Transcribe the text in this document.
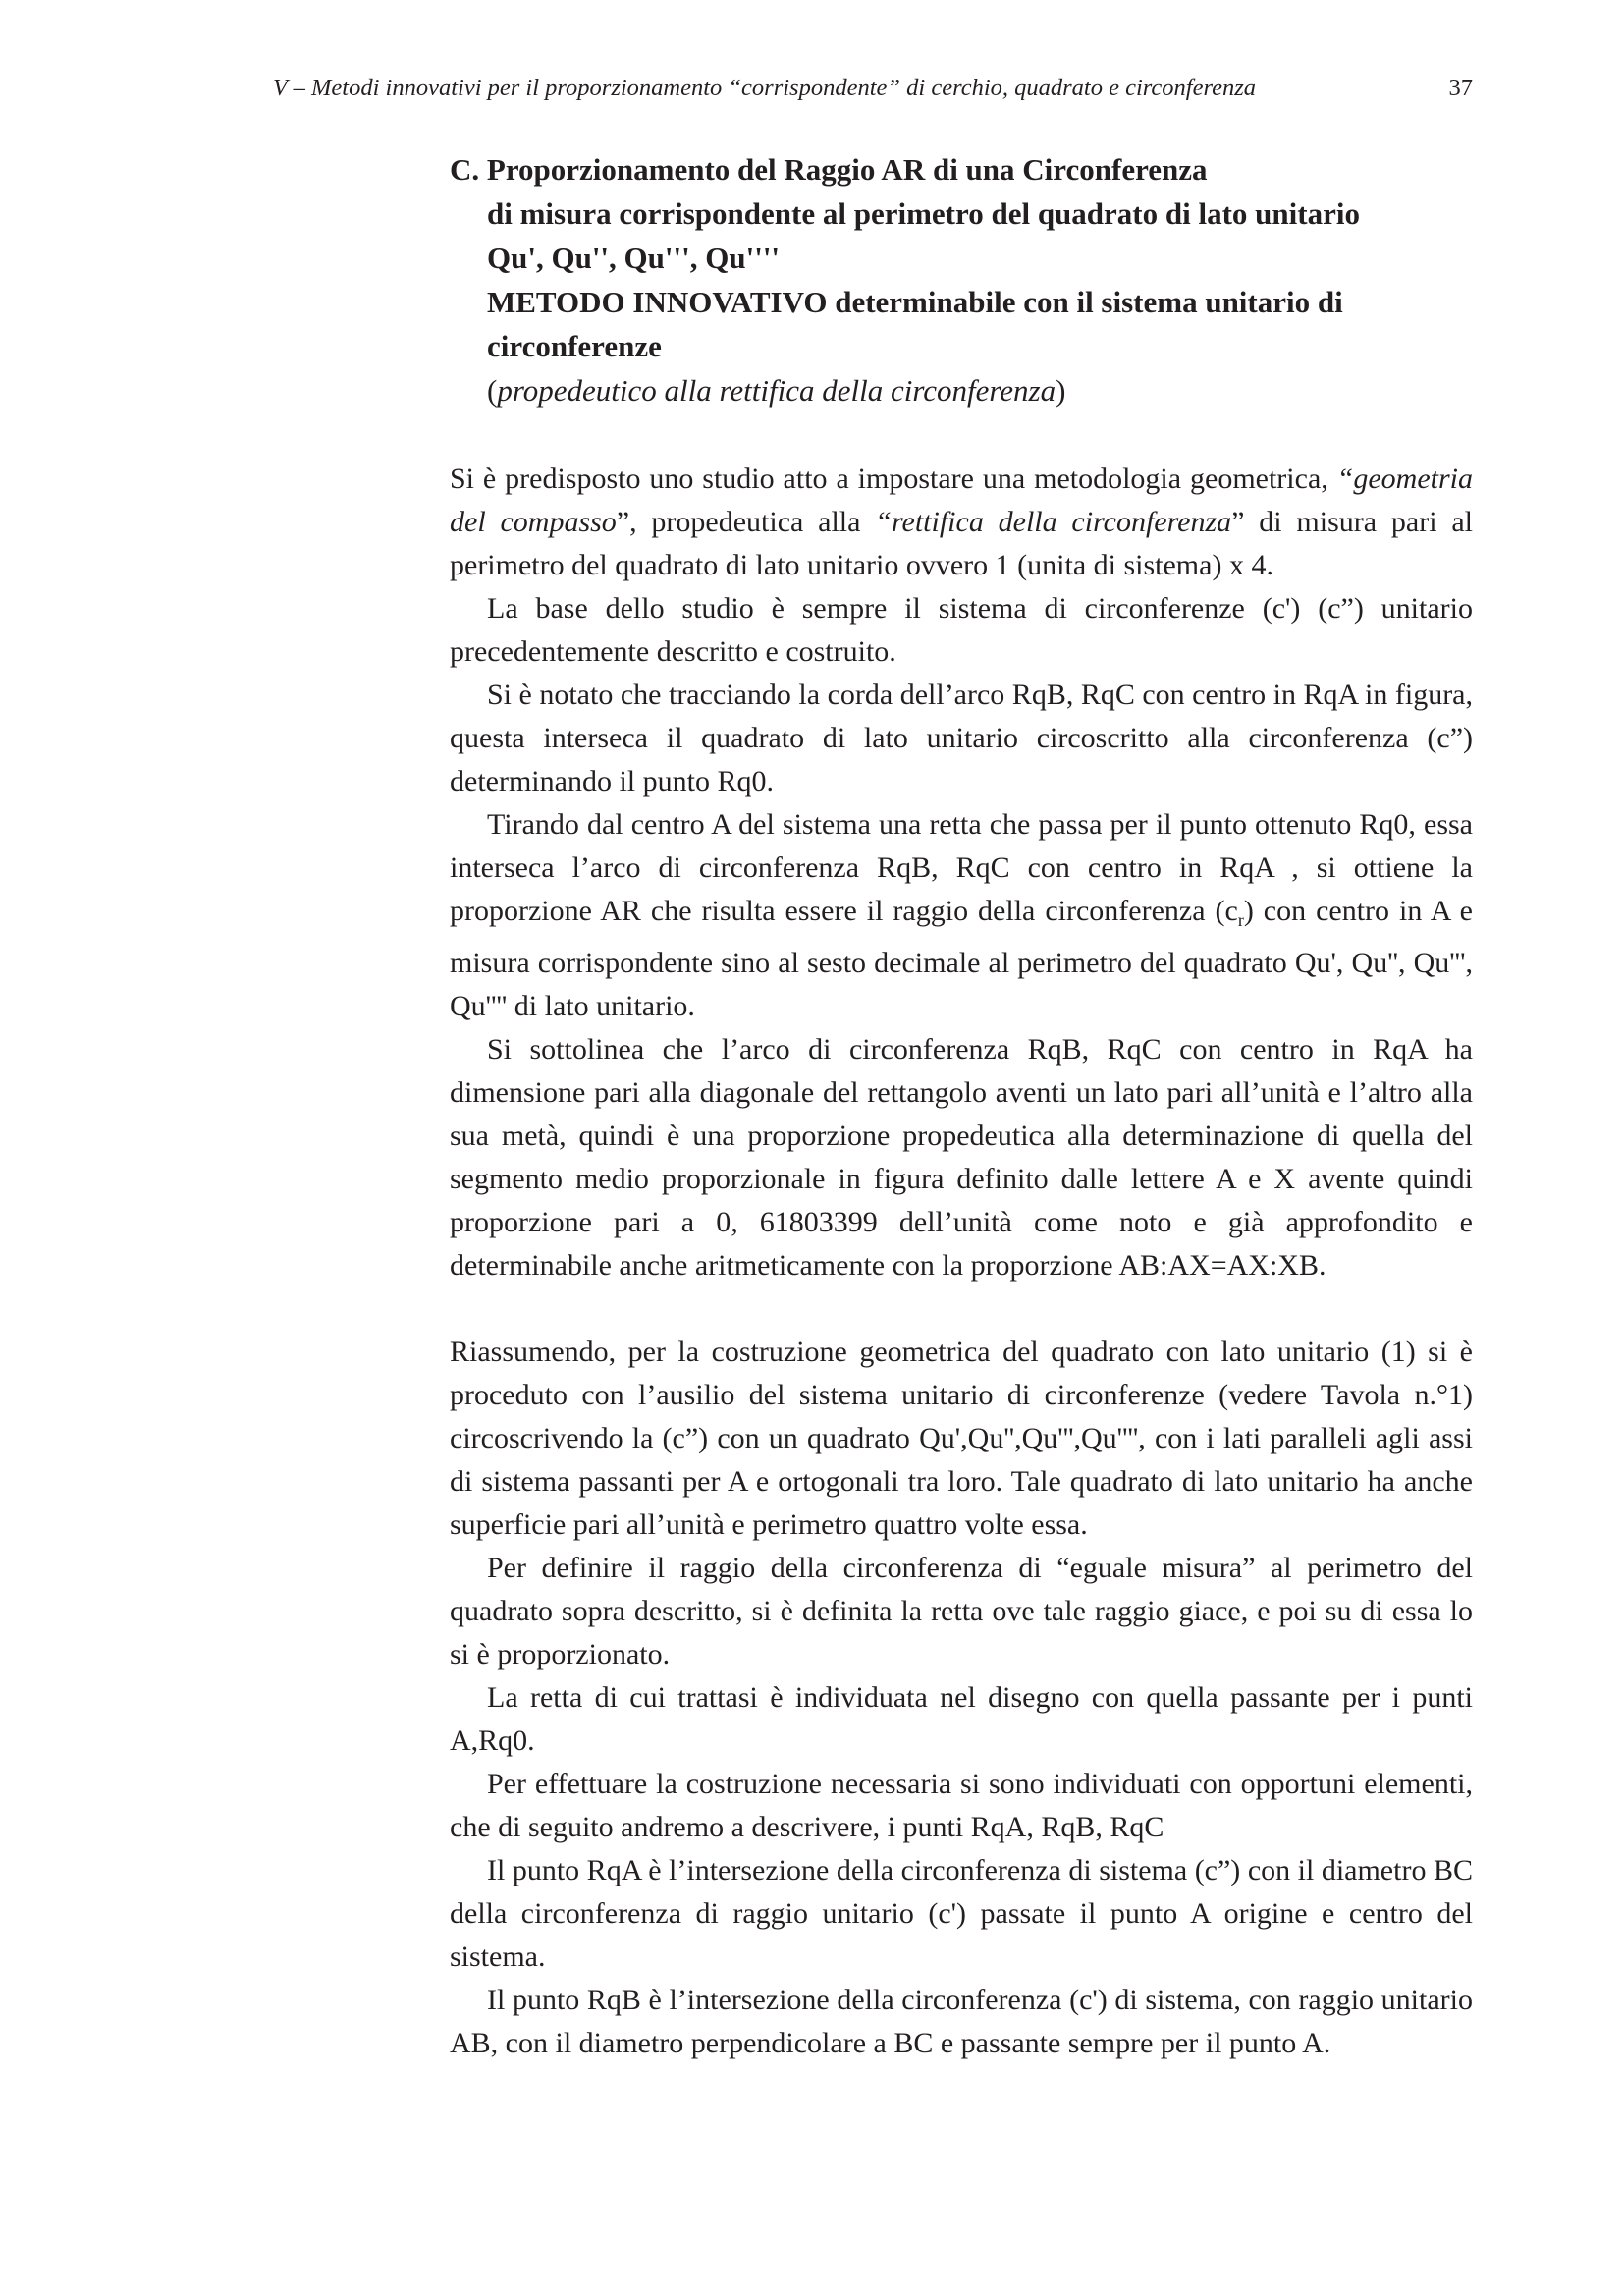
V – Metodi innovativi per il proporzionamento “corrispondente” di cerchio, quadrato e circonferenza	37
C. Proporzionamento del Raggio AR di una Circonferenza
di misura corrispondente al perimetro del quadrato di lato unitario
Qu', Qu'', Qu''', Qu''''
METODO INNOVATIVO determinabile con il sistema unitario di
circonferenze
(propedeutico alla rettifica della circonferenza)

Si è predisposto uno studio atto a impostare una metodologia geometrica, “geometria del compasso”, propedeutica alla “rettifica della circonferenza” di misura pari al perimetro del quadrato di lato unitario ovvero 1 (unita di sistema) x 4.

La base dello studio è sempre il sistema di circonferenze (c') (c”) unitario precedentemente descritto e costruito.

Si è notato che tracciando la corda dell’arco RqB, RqC con centro in RqA in figura, questa interseca il quadrato di lato unitario circoscritto alla circonferenza (c”) determinando il punto Rq0.

Tirando dal centro A del sistema una retta che passa per il punto ottenuto Rq0, essa interseca l’arco di circonferenza RqB, RqC con centro in RqA , si ottiene la proporzione AR che risulta essere il raggio della circonferenza $(c_r)$ con centro in A e misura corrispondente sino al sesto decimale al perimetro del quadrato Qu', Qu'', Qu''', Qu'''' di lato unitario.

Si sottolinea che l’arco di circonferenza RqB, RqC con centro in RqA ha dimensione pari alla diagonale del rettangolo aventi un lato pari all’unità e l’altro alla sua metà, quindi è una proporzione propedeutica alla determinazione di quella del segmento medio proporzionale in figura definito dalle lettere A e X avente quindi proporzione pari a 0, 61803399 dell’unità come noto e già approfondito e determinabile anche aritmeticamente con la proporzione AB:AX=AX:XB.

Riassumendo, per la costruzione geometrica del quadrato con lato unitario (1) si è proceduto con l’ausilio del sistema unitario di circonferenze (vedere Tavola n.°1) circoscrivendo la (c”) con un quadrato Qu',Qu'',Qu''',Qu'''', con i lati paralleli agli assi di sistema passanti per A e ortogonali tra loro. Tale quadrato di lato unitario ha anche superficie pari all’unità e perimetro quattro volte essa.

Per definire il raggio della circonferenza di “eguale misura” al perimetro del quadrato sopra descritto, si è definita la retta ove tale raggio giace, e poi su di essa lo si è proporzionato.

La retta di cui trattasi è individuata nel disegno con quella passante per i punti A,Rq0.

Per effettuare la costruzione necessaria si sono individuati con opportuni elementi, che di seguito andremo a descrivere, i punti RqA, RqB, RqC

Il punto RqA è l’intersezione della circonferenza di sistema (c”) con il diametro BC della circonferenza di raggio unitario (c') passate il punto A origine e centro del sistema.

Il punto RqB è l’intersezione della circonferenza (c') di sistema, con raggio unitario AB, con il diametro perpendicolare a BC e passante sempre per il punto A.
